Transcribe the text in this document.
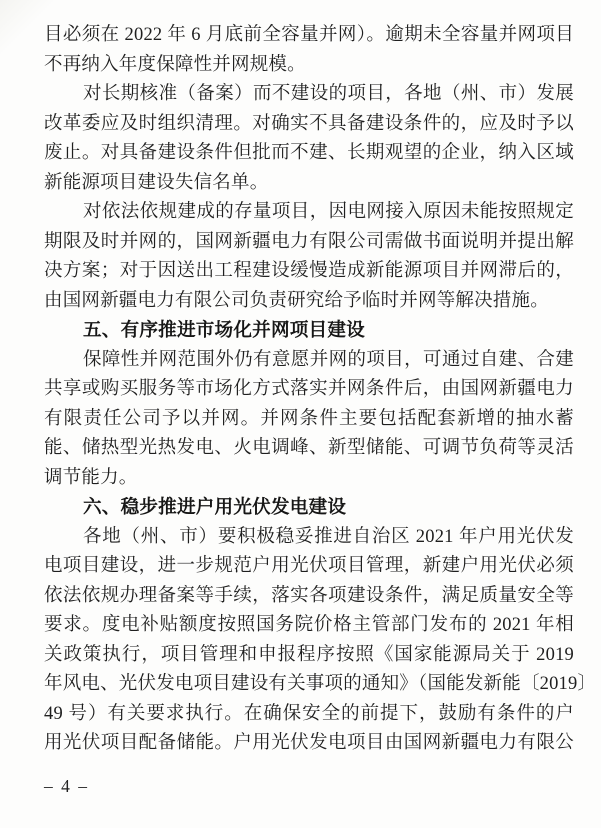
目必须在 2022 年 6 月底前全容量并网）。逾期未全容量并网项目
不再纳入年度保障性并网规模。
对长期核准（备案）而不建设的项目，各地（州、市）发展
改革委应及时组织清理。对确实不具备建设条件的，应及时予以
废止。对具备建设条件但批而不建、长期观望的企业，纳入区域
新能源项目建设失信名单。
对依法依规建成的存量项目，因电网接入原因未能按照规定
期限及时并网的，国网新疆电力有限公司需做书面说明并提出解
决方案；对于因送出工程建设缓慢造成新能源项目并网滞后的，
由国网新疆电力有限公司负责研究给予临时并网等解决措施。
五、有序推进市场化并网项目建设
保障性并网范围外仍有意愿并网的项目，可通过自建、合建
共享或购买服务等市场化方式落实并网条件后，由国网新疆电力
有限责任公司予以并网。并网条件主要包括配套新增的抽水蓄
能、储热型光热发电、火电调峰、新型储能、可调节负荷等灵活
调节能力。
六、稳步推进户用光伏发电建设
各地（州、市）要积极稳妥推进自治区 2021 年户用光伏发
电项目建设，进一步规范户用光伏项目管理，新建户用光伏必须
依法依规办理备案等手续，落实各项建设条件，满足质量安全等
要求。度电补贴额度按照国务院价格主管部门发布的 2021 年相
关政策执行，项目管理和申报程序按照《国家能源局关于 2019
年风电、光伏发电项目建设有关事项的通知》（国能发新能〔2019〕
49 号）有关要求执行。在确保安全的前提下，鼓励有条件的户
用光伏项目配备储能。户用光伏发电项目由国网新疆电力有限公
– 4 –
